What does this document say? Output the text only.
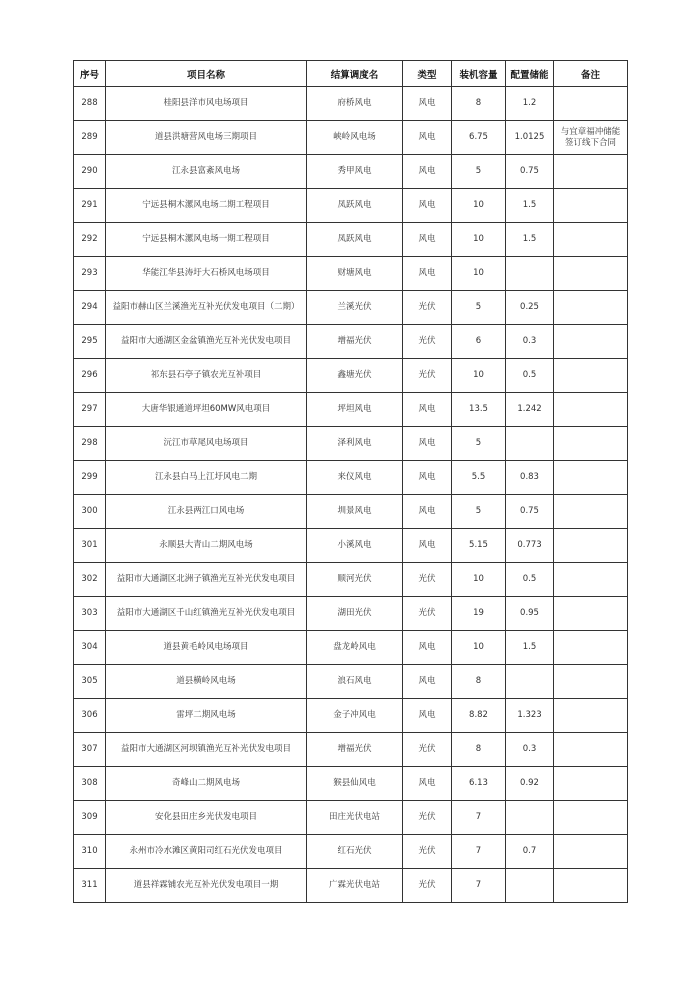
序号	项目名称	结算调度名	类型	装机容量	配置储能	备注
288	桂阳县洋市风电场项目	府桥风电	风电	8	1.2	
289	道县洪塘营风电场三期项目	峡岭风电场	风电	6.75	1.0125	与宜章福冲储能签订线下合同
290	江永县富紊风电场	秀甲风电	风电	5	0.75	
291	宁远县桐木漯风电场二期工程项目	凤跃风电	风电	10	1.5	
292	宁远县桐木漯风电场一期工程项目	凤跃风电	风电	10	1.5	
293	华能江华县涛圩大石桥风电场项目	财塘风电	风电	10		
294	益阳市赫山区兰溪渔光互补光伏发电项目（二期）	兰溪光伏	光伏	5	0.25	
295	益阳市大通湖区金盆镇渔光互补光伏发电项目	增福光伏	光伏	6	0.3	
296	祁东县石亭子镇农光互补项目	鑫塘光伏	光伏	10	0.5	
297	大唐华银通道坪坦60MW风电项目	坪坦风电	风电	13.5	1.242	
298	沅江市草尾风电场项目	泽利风电	风电	5		
299	江永县白马上江圩风电二期	来仪风电	风电	5.5	0.83	
300	江永县两江口风电场	圳景风电	风电	5	0.75	
301	永顺县大青山二期风电场	小溪风电	风电	5.15	0.773	
302	益阳市大通湖区北洲子镇渔光互补光伏发电项目	顺河光伏	光伏	10	0.5	
303	益阳市大通湖区千山红镇渔光互补光伏发电项目	湖田光伏	光伏	19	0.95	
304	道县黄毛岭风电场项目	盘龙岭风电	风电	10	1.5	
305	道县横岭风电场	浪石风电	风电	8		
306	雷坪二期风电场	金子冲风电	风电	8.82	1.323	
307	益阳市大通湖区河坝镇渔光互补光伏发电项目	增福光伏	光伏	8	0.3	
308	奇峰山二期风电场	猴县仙风电	风电	6.13	0.92	
309	安化县田庄乡光伏发电项目	田庄光伏电站	光伏	7		
310	永州市冷水滩区黄阳司红石光伏发电项目	红石光伏	光伏	7	0.7	
311	道县祥霖铺农光互补光伏发电项目一期	广霖光伏电站	光伏	7		
